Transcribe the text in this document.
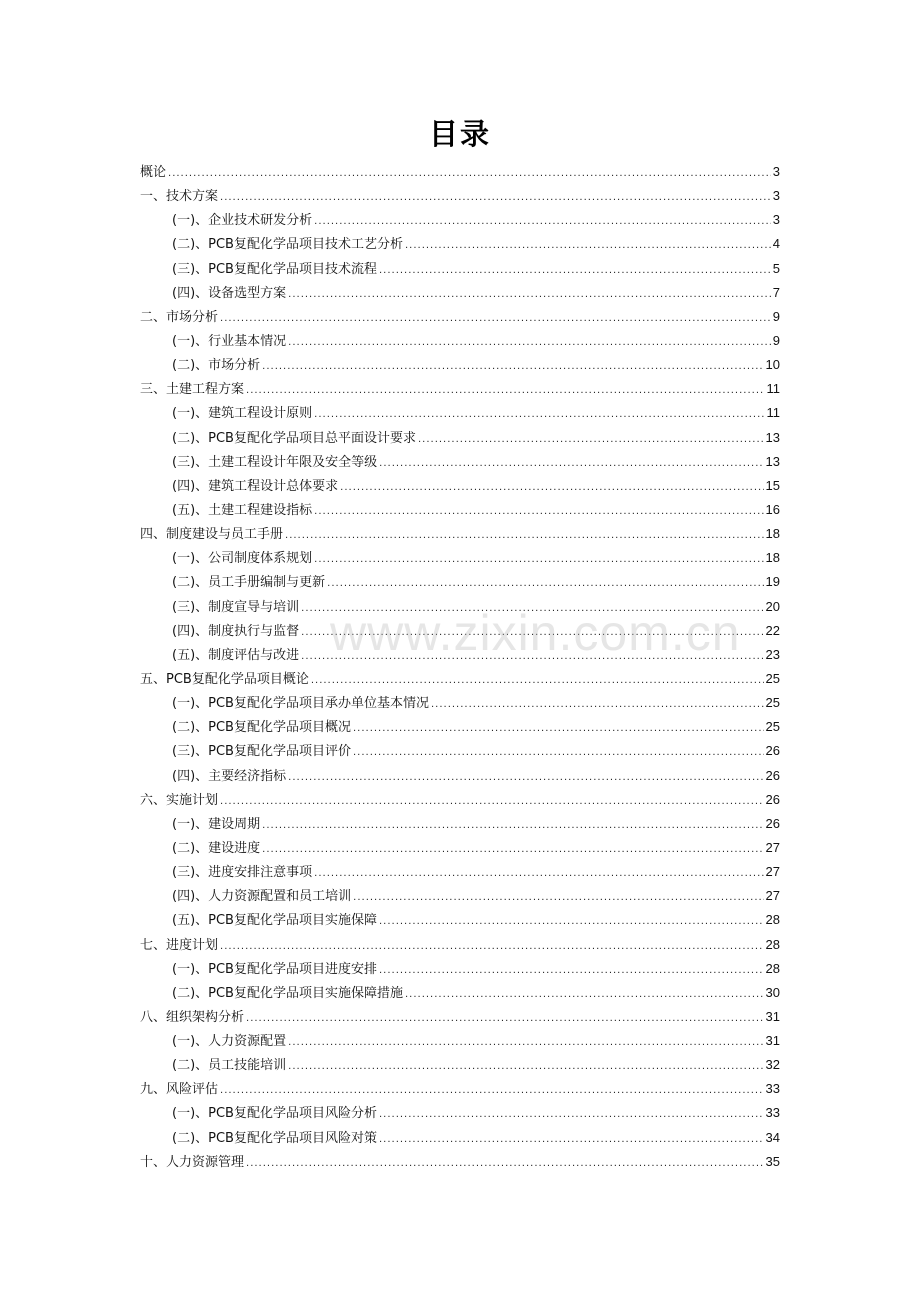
目录
概论 .....	3
一、技术方案 .....	3
(一)、企业技术研发分析 .....	3
(二)、PCB复配化学品项目技术工艺分析 .....	4
(三)、PCB复配化学品项目技术流程 .....	5
(四)、设备选型方案 .....	7
二、市场分析 .....	9
(一)、行业基本情况 .....	9
(二)、市场分析 .....	10
三、土建工程方案 .....	11
(一)、建筑工程设计原则 .....	11
(二)、PCB复配化学品项目总平面设计要求 .....	13
(三)、土建工程设计年限及安全等级 .....	13
(四)、建筑工程设计总体要求 .....	15
(五)、土建工程建设指标 .....	16
四、制度建设与员工手册 .....	18
(一)、公司制度体系规划 .....	18
(二)、员工手册编制与更新 .....	19
(三)、制度宣导与培训 .....	20
(四)、制度执行与监督 .....	22
(五)、制度评估与改进 .....	23
五、PCB复配化学品项目概论 .....	25
(一)、PCB复配化学品项目承办单位基本情况 .....	25
(二)、PCB复配化学品项目概况 .....	25
(三)、PCB复配化学品项目评价 .....	26
(四)、主要经济指标 .....	26
六、实施计划 .....	26
(一)、建设周期 .....	26
(二)、建设进度 .....	27
(三)、进度安排注意事项 .....	27
(四)、人力资源配置和员工培训 .....	27
(五)、PCB复配化学品项目实施保障 .....	28
七、进度计划 .....	28
(一)、PCB复配化学品项目进度安排 .....	28
(二)、PCB复配化学品项目实施保障措施 .....	30
八、组织架构分析 .....	31
(一)、人力资源配置 .....	31
(二)、员工技能培训 .....	32
九、风险评估 .....	33
(一)、PCB复配化学品项目风险分析 .....	33
(二)、PCB复配化学品项目风险对策 .....	34
十、人力资源管理 .....	35
www.zixin.com.cn
